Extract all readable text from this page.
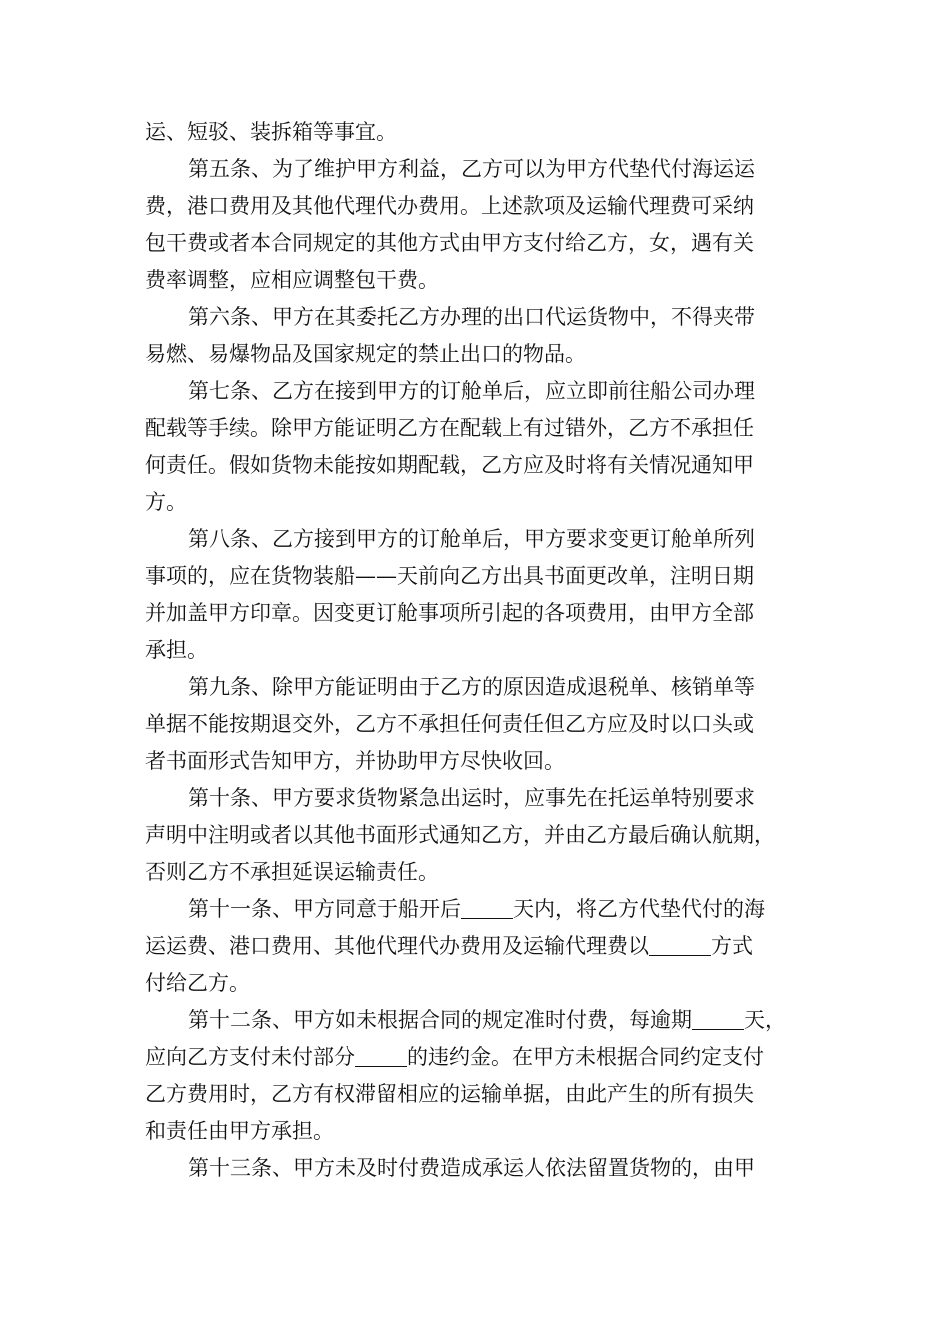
运、短驳、装拆箱等事宜。
第五条、为了维护甲方利益，乙方可以为甲方代垫代付海运运
费，港口费用及其他代理代办费用。上述款项及运输代理费可采纳
包干费或者本合同规定的其他方式由甲方支付给乙方，女，遇有关
费率调整，应相应调整包干费。
第六条、甲方在其委托乙方办理的出口代运货物中，不得夹带
易燃、易爆物品及国家规定的禁止出口的物品。
第七条、乙方在接到甲方的订舱单后，应立即前往船公司办理
配载等手续。除甲方能证明乙方在配载上有过错外，乙方不承担任
何责任。假如货物未能按如期配载，乙方应及时将有关情况通知甲
方。
第八条、乙方接到甲方的订舱单后，甲方要求变更订舱单所列
事项的，应在货物装船——天前向乙方出具书面更改单，注明日期
并加盖甲方印章。因变更订舱事项所引起的各项费用，由甲方全部
承担。
第九条、除甲方能证明由于乙方的原因造成退税单、核销单等
单据不能按期退交外，乙方不承担任何责任但乙方应及时以口头或
者书面形式告知甲方，并协助甲方尽快收回。
第十条、甲方要求货物紧急出运时，应事先在托运单特别要求
声明中注明或者以其他书面形式通知乙方，并由乙方最后确认航期，
否则乙方不承担延误运输责任。
第十一条、甲方同意于船开后 天内，将乙方代垫代付的海
运运费、港口费用、其他代理代办费用及运输代理费以	方式
付给乙方。
第十二条、甲方如未根据合同的规定准时付费，每逾期 天，
应向乙方支付未付部分 的违约金。在甲方未根据合同约定支付
乙方费用时，乙方有权滞留相应的运输单据，由此产生的所有损失
和责任由甲方承担。
第十三条、甲方未及时付费造成承运人依法留置货物的，由甲
